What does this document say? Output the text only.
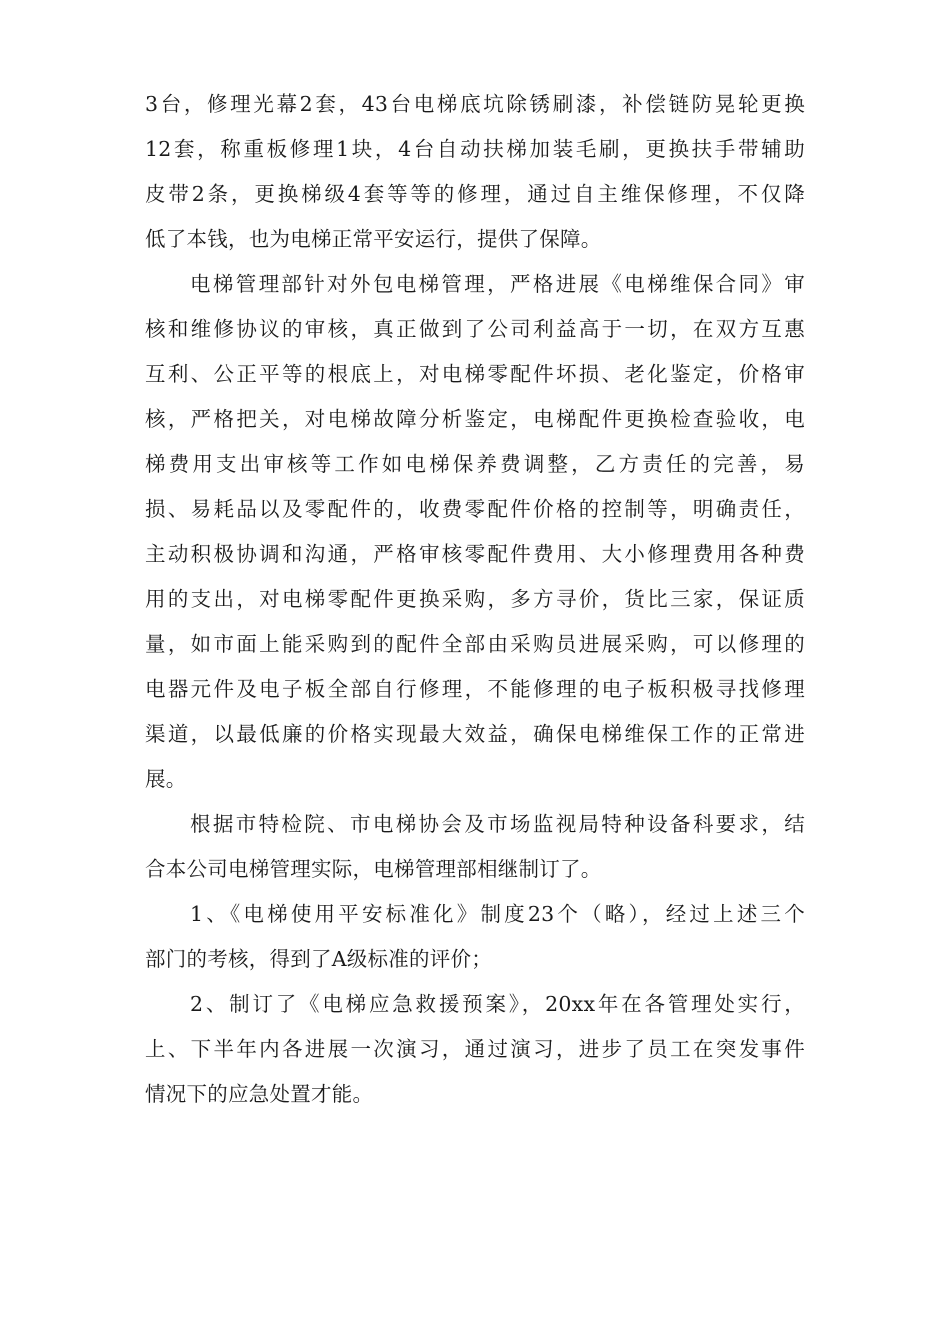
3台，修理光幕2套，43台电梯底坑除锈刷漆，补偿链防晃轮更换
12套，称重板修理1块，4台自动扶梯加装毛刷，更换扶手带辅助
皮带2条，更换梯级4套等等的修理，通过自主维保修理，不仅降
低了本钱，也为电梯正常平安运行，提供了保障。
电梯管理部针对外包电梯管理，严格进展《电梯维保合同》审
核和维修协议的审核，真正做到了公司利益高于一切，在双方互惠
互利、公正平等的根底上，对电梯零配件坏损、老化鉴定，价格审
核，严格把关，对电梯故障分析鉴定，电梯配件更换检查验收，电
梯费用支出审核等工作如电梯保养费调整，乙方责任的完善，易
损、易耗品以及零配件的，收费零配件价格的控制等，明确责任，
主动积极协调和沟通，严格审核零配件费用、大小修理费用各种费
用的支出，对电梯零配件更换采购，多方寻价，货比三家，保证质
量，如市面上能采购到的配件全部由采购员进展采购，可以修理的
电器元件及电子板全部自行修理，不能修理的电子板积极寻找修理
渠道，以最低廉的价格实现最大效益，确保电梯维保工作的正常进
展。
根据市特检院、市电梯协会及市场监视局特种设备科要求，结
合本公司电梯管理实际，电梯管理部相继制订了。
1、《电梯使用平安标准化》制度23个（略），经过上述三个
部门的考核，得到了A级标准的评价；
2、制订了《电梯应急救援预案》，20xx年在各管理处实行，
上、下半年内各进展一次演习，通过演习，进步了员工在突发事件
情况下的应急处置才能。
